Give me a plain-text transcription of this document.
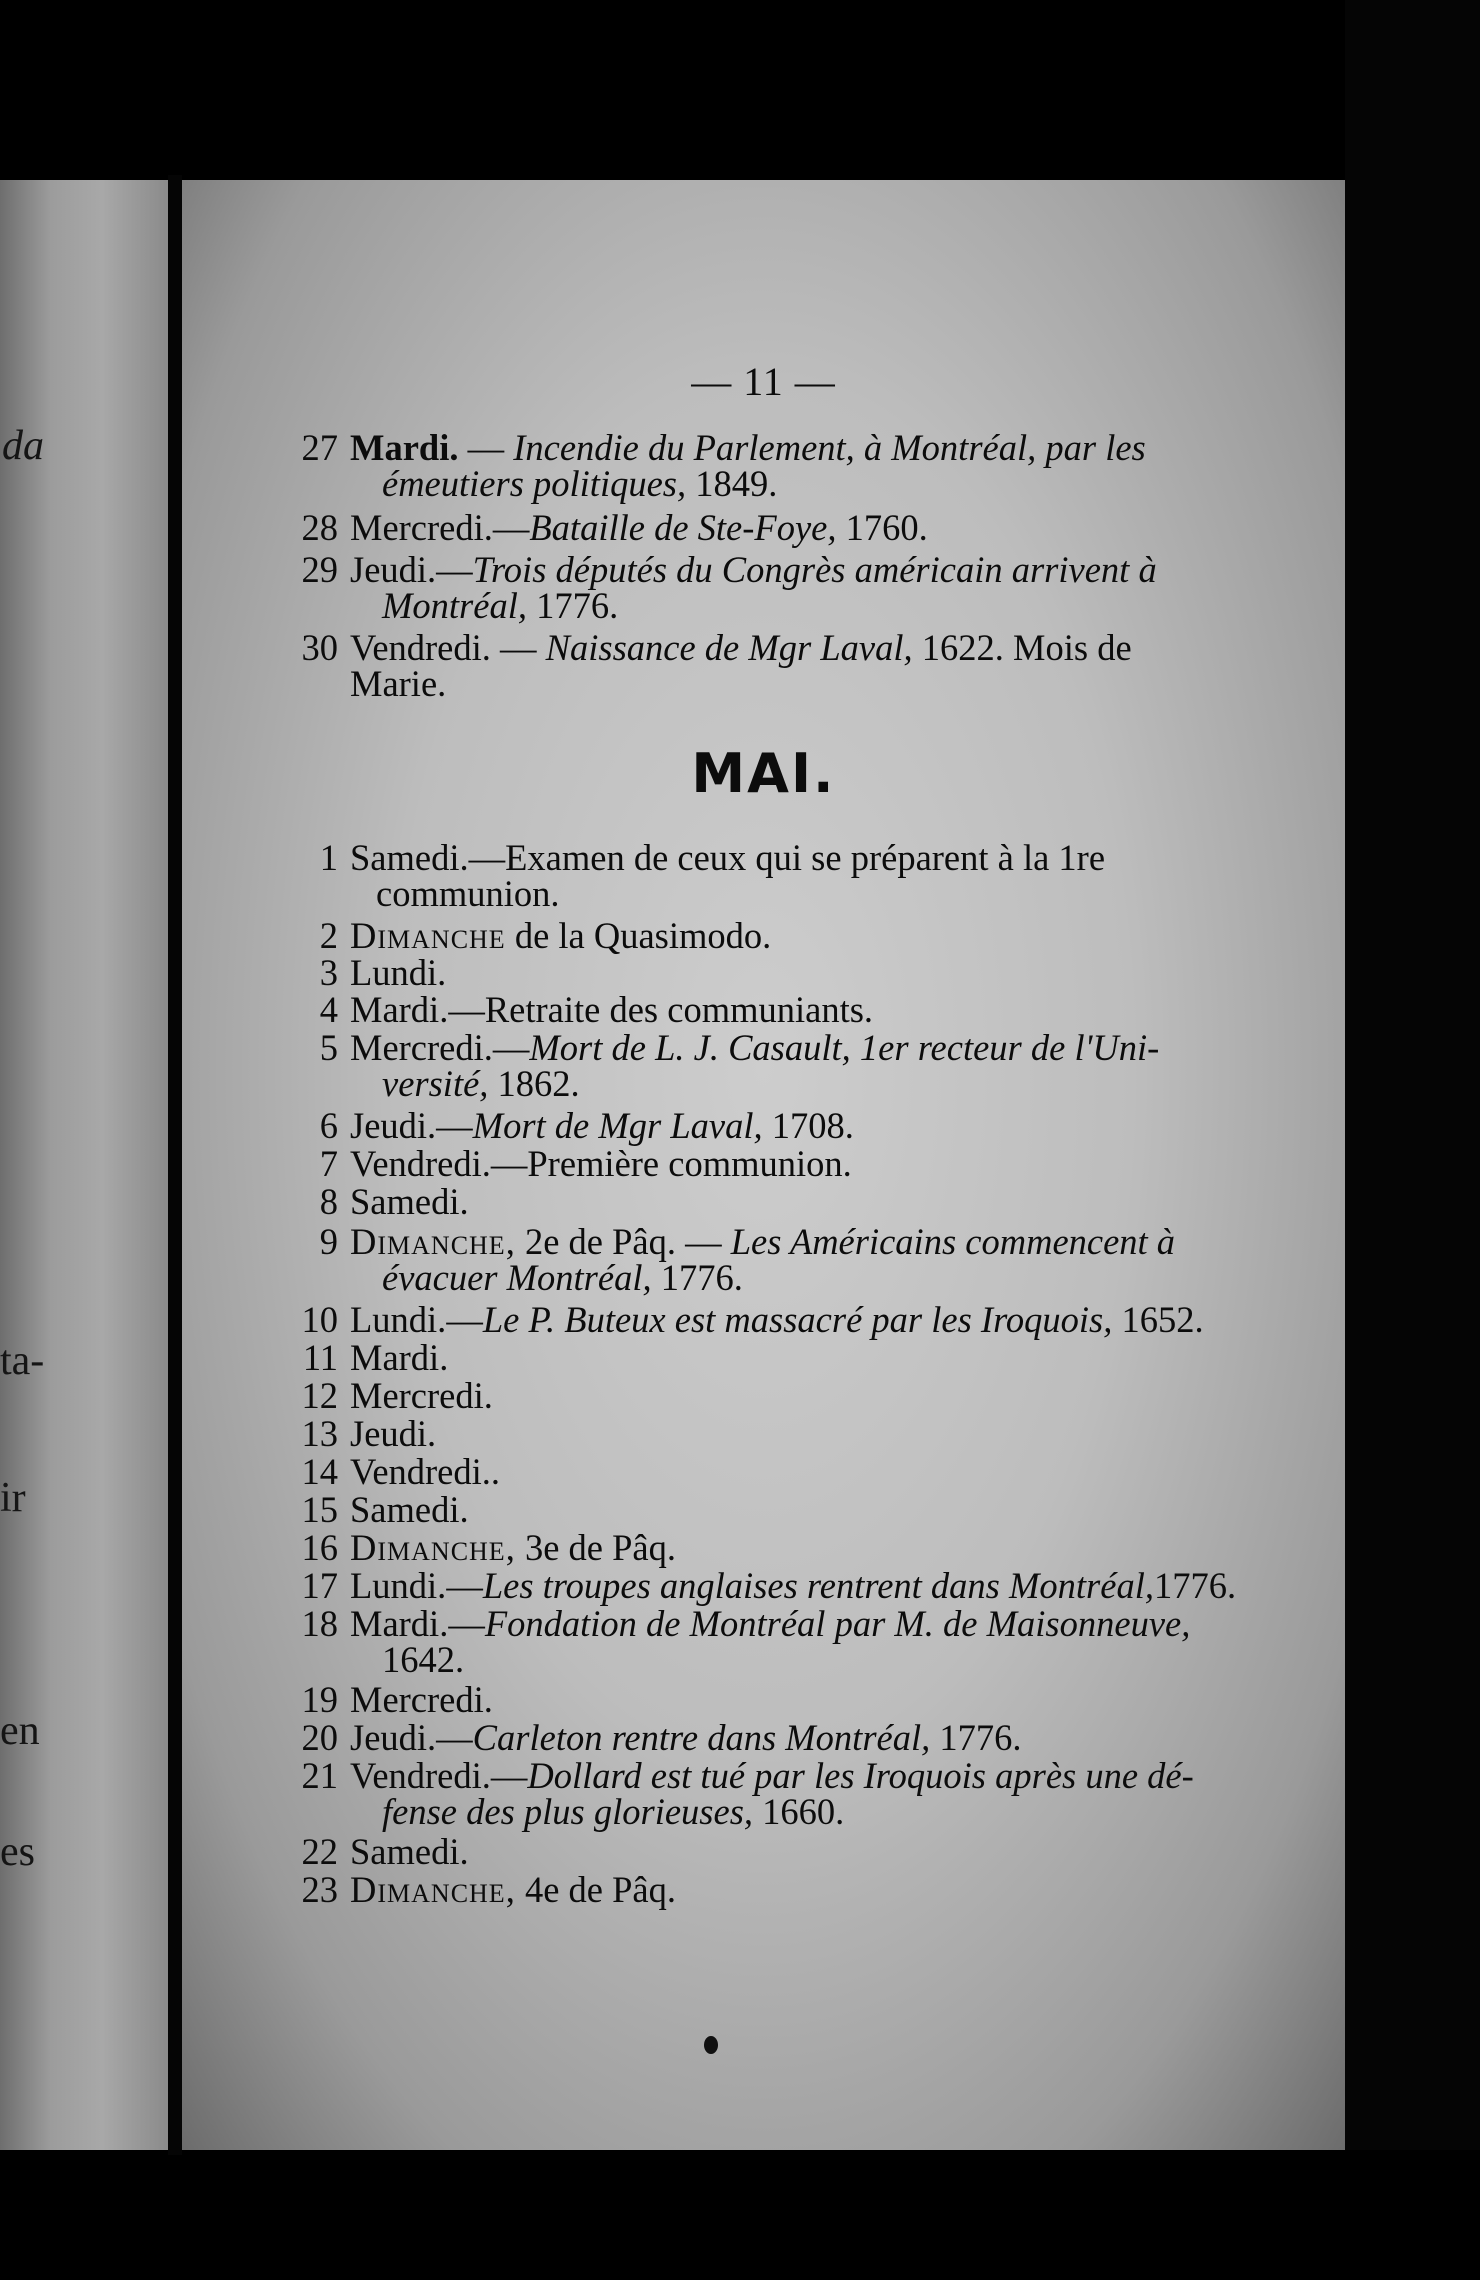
da
ta-
ir
en
es
— 11 —
27 Mardi. — Incendie du Parlement, à Montréal, par les
émeutiers politiques, 1849.
28 Mercredi.—Bataille de Ste-Foye, 1760.
29 Jeudi.—Trois députés du Congrès américain arrivent à
Montréal, 1776.
30 Vendredi. — Naissance de Mgr Laval, 1622. Mois de
Marie.
MAI.
1 Samedi.—Examen de ceux qui se préparent à la 1re
communion.
2 Dimanche de la Quasimodo.
3 Lundi.
4 Mardi.—Retraite des communiants.
5 Mercredi.—Mort de L. J. Casault, 1er recteur de l'Uni-
versité, 1862.
6 Jeudi.—Mort de Mgr Laval, 1708.
7 Vendredi.—Première communion.
8 Samedi.
9 Dimanche, 2e de Pâq. — Les Américains commencent à
évacuer Montréal, 1776.
10 Lundi.—Le P. Buteux est massacré par les Iroquois, 1652.
11 Mardi.
12 Mercredi.
13 Jeudi.
14 Vendredi..
15 Samedi.
16 Dimanche, 3e de Pâq.
17 Lundi.—Les troupes anglaises rentrent dans Montréal,1776.
18 Mardi.—Fondation de Montréal par M. de Maisonneuve,
1642.
19 Mercredi.
20 Jeudi.—Carleton rentre dans Montréal, 1776.
21 Vendredi.—Dollard est tué par les Iroquois après une dé-
fense des plus glorieuses, 1660.
22 Samedi.
23 Dimanche, 4e de Pâq.
